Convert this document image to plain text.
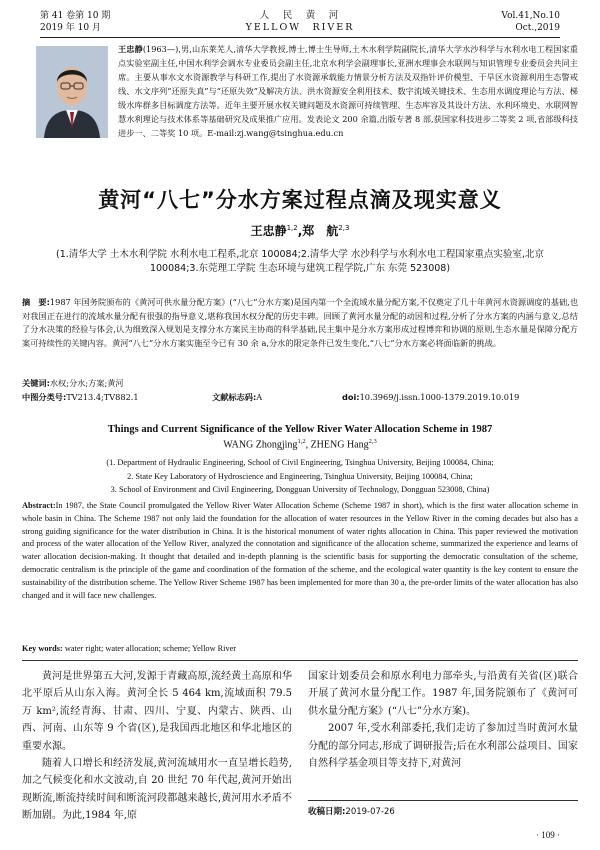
第 41 卷第 10 期
2019 年 10 月
人　民　黄　河
YELLOW　RIVER
Vol.41,No.10
Oct.,2019
王忠静(1963—),男,山东莱芜人,清华大学教授,博士,博士生导师,土木水利学院副院长,清华大学水沙科学与水利水电工程国家重点实验室副主任,中国水利学会调水专业委员会副主任,北京水利学会副理事长,亚洲水理事会水联网与知识管理专业委员会共同主席。主要从事水文水资源教学与科研工作,提出了水资源承载能力情景分析方法及双指针评价模型、干旱区水资源利用生态警戒线、水文序列“还原失真”与“还原失效”及解决方法、洪水资源安全利用技术、数字流域关键技术、生态用水调度理论与方法、梯级水库群多目标调度方法等。近年主要开展水权关键问题及水资源可持续管理、生态库容及其设计方法、水利环境史、水联网智慧水利理论与技术体系等基础研究及成果推广应用。发表论文 200 余篇,出版专著 8 部,获国家科技进步二等奖 2 项,省部级科技进步一、二等奖 10 项。E-mail:zj.wang@tsinghua.edu.cn
黄河“八七”分水方案过程点滴及现实意义
王忠静$^{1,2}$,郑　航$^{2,3}$
(1.清华大学 土木水利学院 水利水电工程系,北京 100084;2.清华大学 水沙科学与水利水电工程国家重点实验室,北京 100084;3.东莞理工学院 生态环境与建筑工程学院,广东 东莞 523008)
摘　要:1987 年国务院颁布的《黄河可供水量分配方案》(“八七”分水方案)是国内第一个全流域水量分配方案,不仅奠定了几十年黄河水资源调度的基础,也对我国正在进行的流域水量分配有很强的指导意义,堪称我国水权分配的历史丰碑。回顾了黄河水量分配的动因和过程,分析了分水方案的内涵与意义,总结了分水决策的经验与体会,认为细致深入规划是支撑分水方案民主协商的科学基础,民主集中是分水方案形成过程博弈和协调的原则,生态水量是保障分配方案可持续性的关键内容。黄河“八七”分水方案实施至今已有 30 余 a,分水的限定条件已发生变化,“八七”分水方案必将面临新的挑战。
关键词:水权;分水;方案;黄河
中图分类号:TV213.4;TV882.1	文献标志码:A	doi:10.3969/j.issn.1000-1379.2019.10.019
Things and Current Significance of the Yellow River Water Allocation Scheme in 1987
WANG Zhongjing$^{1,2}$, ZHENG Hang$^{2,3}$
(1. Department of Hydraulic Engineering, School of Civil Engineering, Tsinghua University, Beijing 100084, China;
2. State Key Laboratory of Hydroscience and Engineering, Tsinghua University, Beijing 100084, China;
3. School of Environment and Civil Engineering, Dongguan University of Technology, Dongguan 523008, China)
Abstract:In 1987, the State Council promulgated the Yellow River Water Allocation Scheme (Scheme 1987 in short), which is the first water allocation scheme in whole basin in China. The Scheme 1987 not only laid the foundation for the allocation of water resources in the Yellow River in the coming decades but also has a strong guiding significance for the water distribution in China. It is the historical monument of water rights allocation in China. This paper reviewed the motivation and process of the water allocation of the Yellow River, analyzed the connotation and significance of the allocation scheme, summarized the experience and learns of water allocation decision-making. It thought that detailed and in-depth planning is the scientific basis for supporting the democratic consultation of the scheme, democratic centralism is the principle of the game and coordination of the formation of the scheme, and the ecological water quantity is the key content to ensure the sustainability of the distribution scheme. The Yellow River Scheme 1987 has been implemented for more than 30 a, the pre-order limits of the water allocation has also changed and it will face new challenges.
Key words: water right; water allocation; scheme; Yellow River

黄河是世界第五大河,发源于青藏高原,流经黄土高原和华北平原后从山东入海。黄河全长 5 464 km,流域面积 79.5 万 km²,流经青海、甘肃、四川、宁夏、内蒙古、陕西、山西、河南、山东等 9 个省(区),是我国西北地区和华北地区的重要水源。

随着人口增长和经济发展,黄河流域用水一直呈增长趋势,加之气候变化和水文波动,自 20 世纪 70 年代起,黄河开始出现断流,断流持续时间和断流河段都越来越长,黄河用水矛盾不断加剧。为此,1984 年,原

国家计划委员会和原水利电力部牵头,与沿黄有关省(区)联合开展了黄河水量分配工作。1987 年,国务院颁布了《黄河可供水量分配方案》(“八七”分水方案)。

2007 年,受水利部委托,我们走访了参加过当时黄河水量分配的部分同志,形成了调研报告;后在水利部公益项目、国家自然科学基金项目等支持下,对黄河

收稿日期:2019-07-26
· 109 ·
